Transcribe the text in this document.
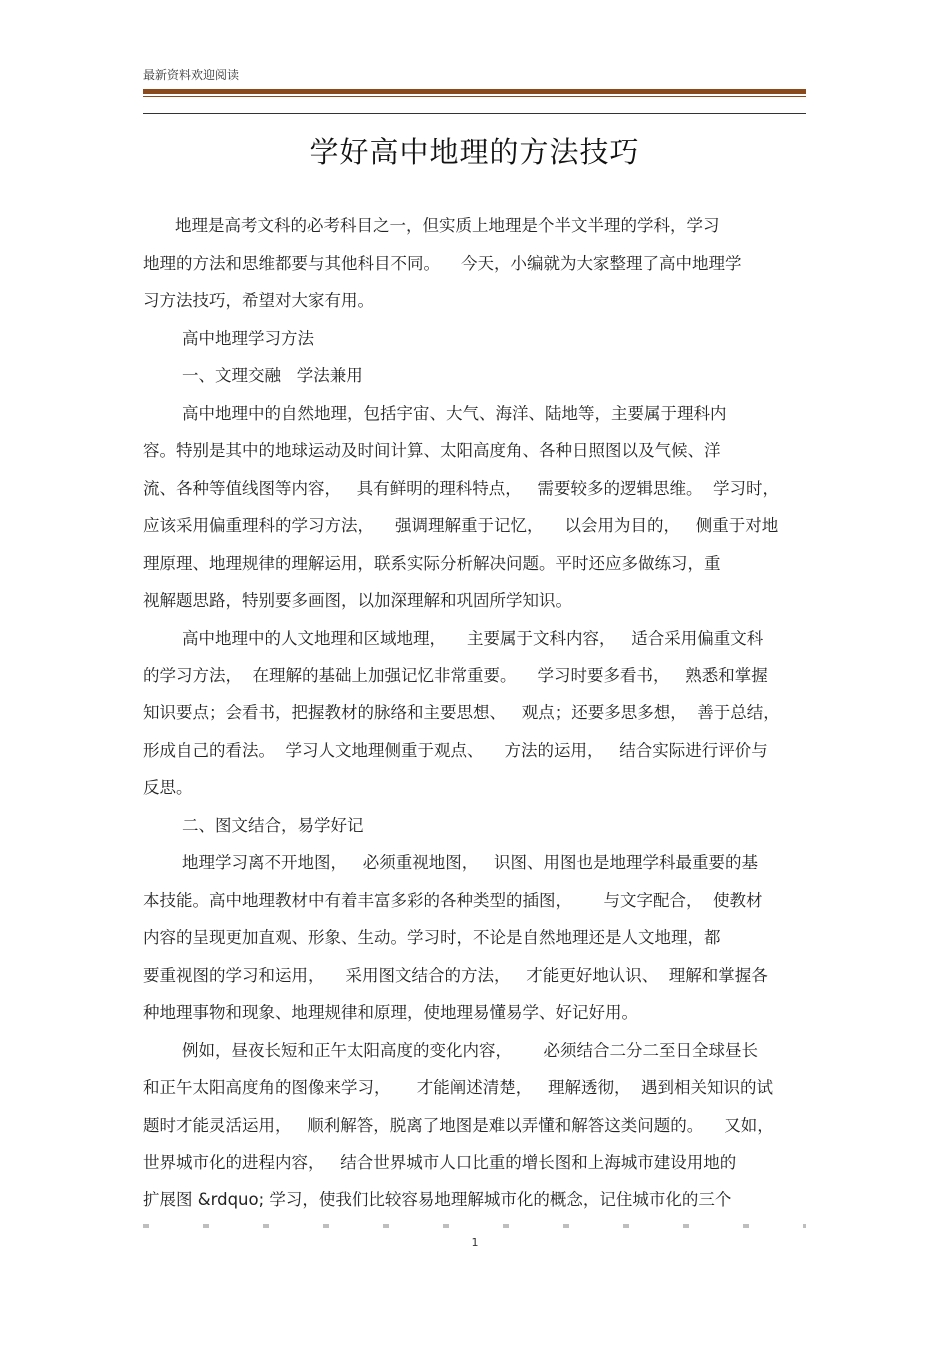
最新资料欢迎阅读
学好高中地理的方法技巧
地理是高考文科的必考科目之一，但实质上地理是个半文半理的学科，学习
地理的方法和思维都要与其他科目不同。    今天，小编就为大家整理了高中地理学
习方法技巧，希望对大家有用。
高中地理学习方法
一、文理交融   学法兼用
高中地理中的自然地理，包括宇宙、大气、海洋、陆地等，主要属于理科内
容。特别是其中的地球运动及时间计算、太阳高度角、各种日照图以及气候、洋
流、各种等值线图等内容，   具有鲜明的理科特点，   需要较多的逻辑思维。  学习时，
应该采用偏重理科的学习方法，    强调理解重于记忆，    以会用为目的，   侧重于对地
理原理、地理规律的理解运用，联系实际分析解决问题。平时还应多做练习，重
视解题思路，特别要多画图，以加深理解和巩固所学知识。
高中地理中的人文地理和区域地理，    主要属于文科内容，   适合采用偏重文科
的学习方法，  在理解的基础上加强记忆非常重要。    学习时要多看书，   熟悉和掌握
知识要点；会看书，把握教材的脉络和主要思想、   观点；还要多思多想，  善于总结，
形成自己的看法。  学习人文地理侧重于观点、    方法的运用，   结合实际进行评价与
反思。
二、图文结合，易学好记
地理学习离不开地图，   必须重视地图，   识图、用图也是地理学科最重要的基
本技能。高中地理教材中有着丰富多彩的各种类型的插图，      与文字配合，  使教材
内容的呈现更加直观、形象、生动。学习时，不论是自然地理还是人文地理，都
要重视图的学习和运用，    采用图文结合的方法，   才能更好地认识、  理解和掌握各
种地理事物和现象、地理规律和原理，使地理易懂易学、好记好用。
例如，昼夜长短和正午太阳高度的变化内容，      必须结合二分二至日全球昼长
和正午太阳高度角的图像来学习，     才能阐述清楚，   理解透彻，  遇到相关知识的试
题时才能灵活运用，   顺利解答，脱离了地图是难以弄懂和解答这类问题的。    又如，
世界城市化的进程内容，   结合世界城市人口比重的增长图和上海城市建设用地的
扩展图 &rdquo; 学习，使我们比较容易地理解城市化的概念，记住城市化的三个
1
